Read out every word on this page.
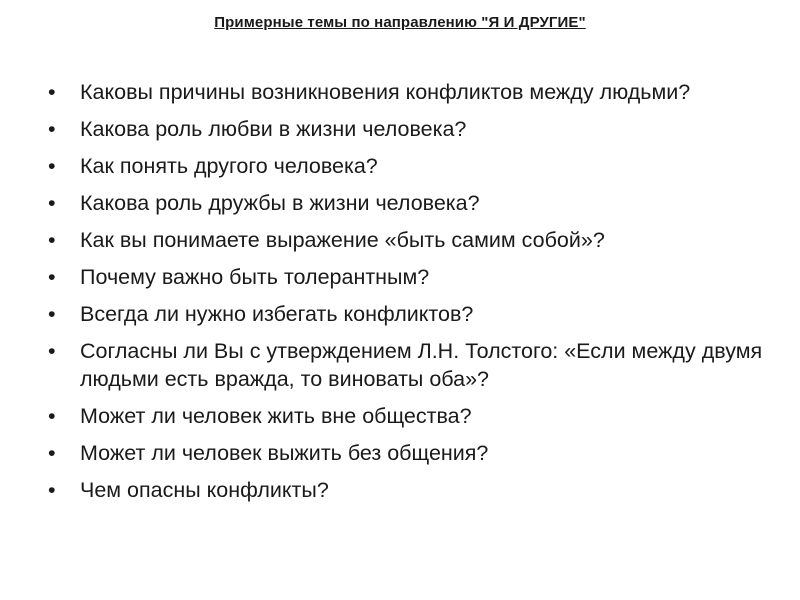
Примерные темы по направлению "Я И ДРУГИЕ"
• Каковы причины возникновения конфликтов между людьми?
• Какова роль любви в жизни человека?
• Как понять другого человека?
• Какова роль дружбы в жизни человека?
• Как вы понимаете выражение «быть самим собой»?
• Почему важно быть толерантным?
• Всегда ли нужно избегать конфликтов?
• Согласны ли Вы с утверждением Л.Н. Толстого: «Если между двумя людьми есть вражда, то виноваты оба»?
• Может ли человек жить вне общества?
• Может ли человек выжить без общения?
• Чем опасны конфликты?
